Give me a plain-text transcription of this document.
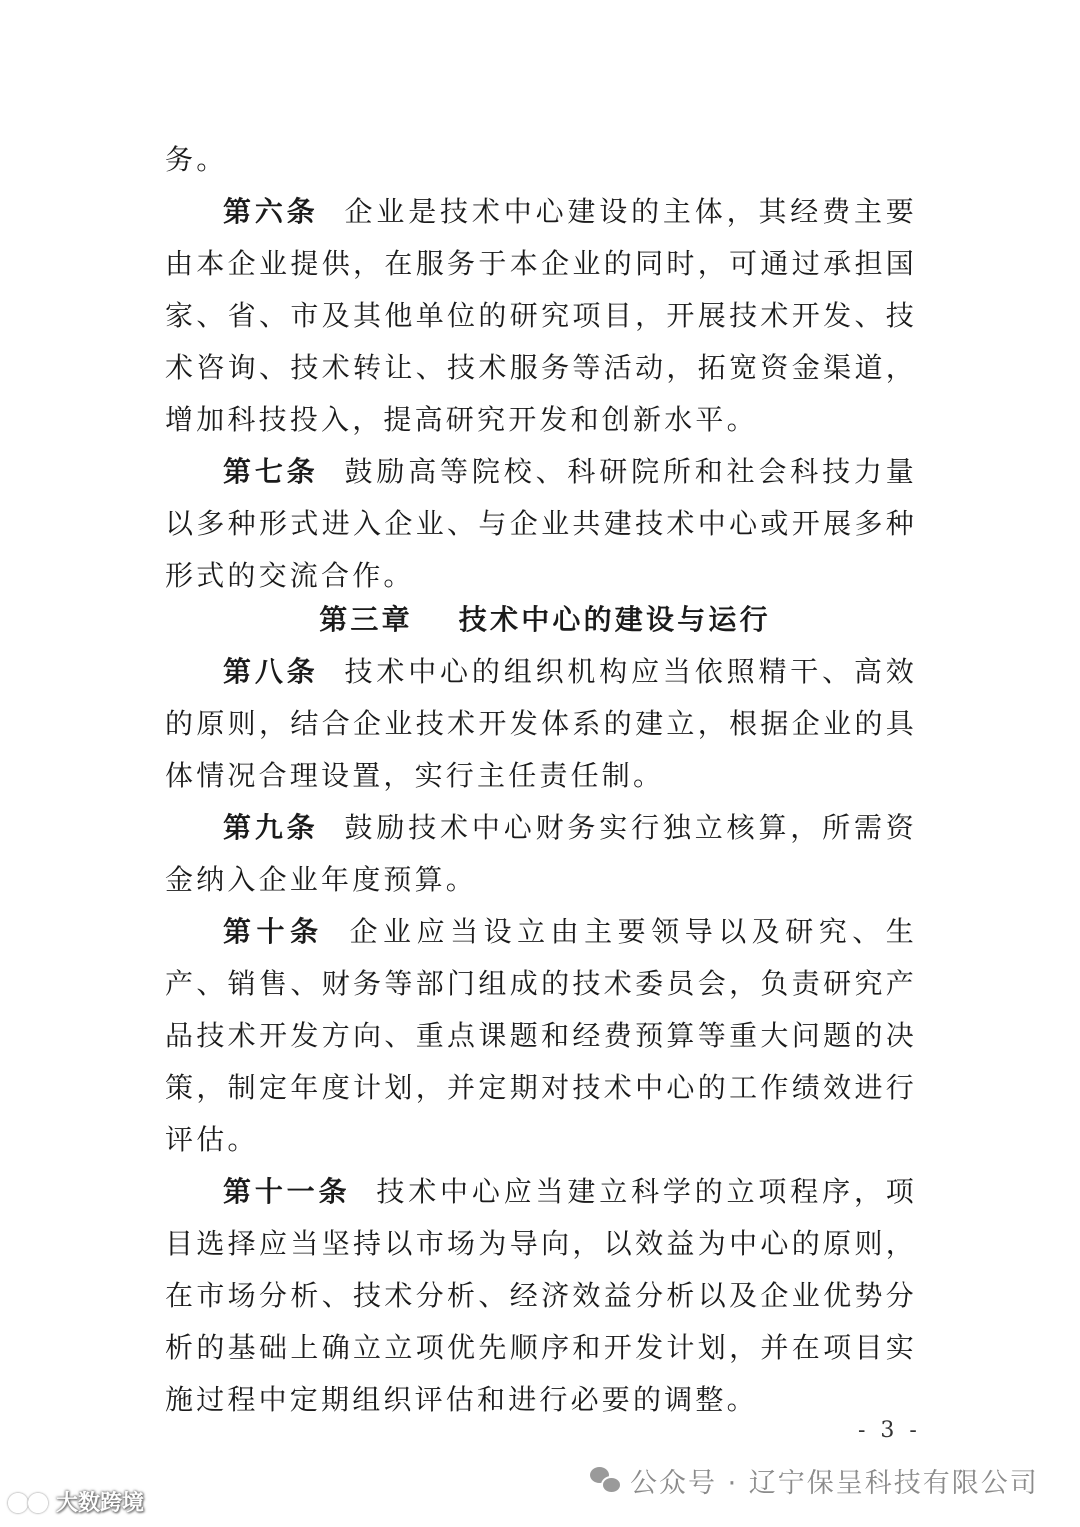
务。

第六条 企业是技术中心建设的主体，其经费主要由本企业提供，在服务于本企业的同时，可通过承担国家、省、市及其他单位的研究项目，开展技术开发、技术咨询、技术转让、技术服务等活动，拓宽资金渠道，增加科技投入，提高研究开发和创新水平。

第七条 鼓励高等院校、科研院所和社会科技力量以多种形式进入企业、与企业共建技术中心或开展多种形式的交流合作。

第三章 技术中心的建设与运行

第八条 技术中心的组织机构应当依照精干、高效的原则，结合企业技术开发体系的建立，根据企业的具体情况合理设置，实行主任责任制。

第九条 鼓励技术中心财务实行独立核算，所需资金纳入企业年度预算。

第十条 企业应当设立由主要领导以及研究、生产、销售、财务等部门组成的技术委员会，负责研究产品技术开发方向、重点课题和经费预算等重大问题的决策，制定年度计划，并定期对技术中心的工作绩效进行评估。

第十一条 技术中心应当建立科学的立项程序，项目选择应当坚持以市场为导向，以效益为中心的原则，在市场分析、技术分析、经济效益分析以及企业优势分析的基础上确立立项优先顺序和开发计划，并在项目实施过程中定期组织评估和进行必要的调整。

- 3 -
公众号 · 辽宁保呈科技有限公司
大数跨境
